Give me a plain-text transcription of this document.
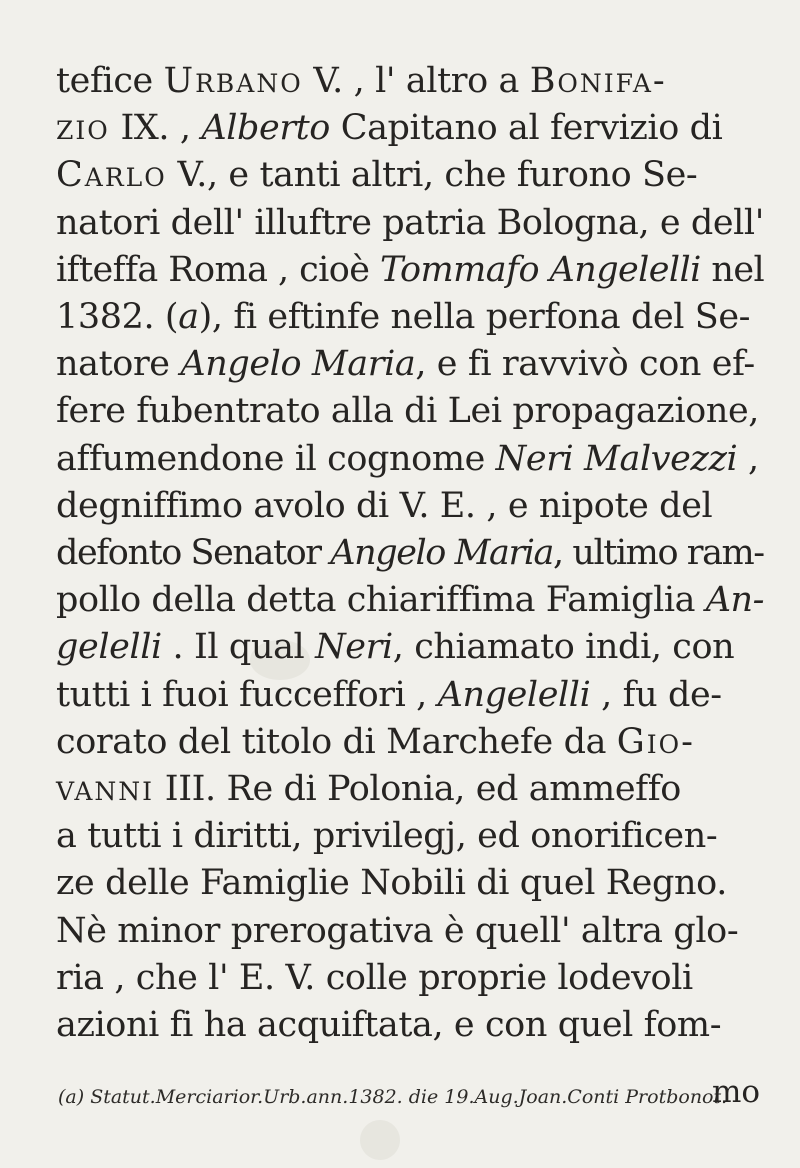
tefice Urbano V. , l' altro a Bonifa-
zio IX. , Alberto Capitano al fervizio di
Carlo V., e tanti altri, che furono Se-
natori dell' illuftre patria Bologna, e dell'
ifteffa Roma , cioè Tommafo Angelelli nel
1382. (a), fi eftinfe nella perfona del Se-
natore Angelo Maria, e fi ravvivò con ef-
fere fubentrato alla di Lei propagazione,
affumendone il cognome Neri Malvezzi ,
degniffimo avolo di V. E. , e nipote del
defonto Senator Angelo Maria, ultimo ram-
pollo della detta chiariffima Famiglia An-
gelelli . Il qual Neri, chiamato indi, con
tutti i fuoi fucceffori , Angelelli , fu de-
corato del titolo di Marchefe da Gio-
vanni III. Re di Polonia, ed ammeffo
a tutti i diritti, privilegj, ed onorificen-
ze delle Famiglie Nobili di quel Regno.
Nè minor prerogativa è quell' altra glo-
ria , che l' E. V. colle proprie lodevoli
azioni fi ha acquiftata, e con quel fom-
(a) Statut.Merciarior.Urb.ann.1382. die 19.Aug.Joan.Conti Protbonot.
mo
